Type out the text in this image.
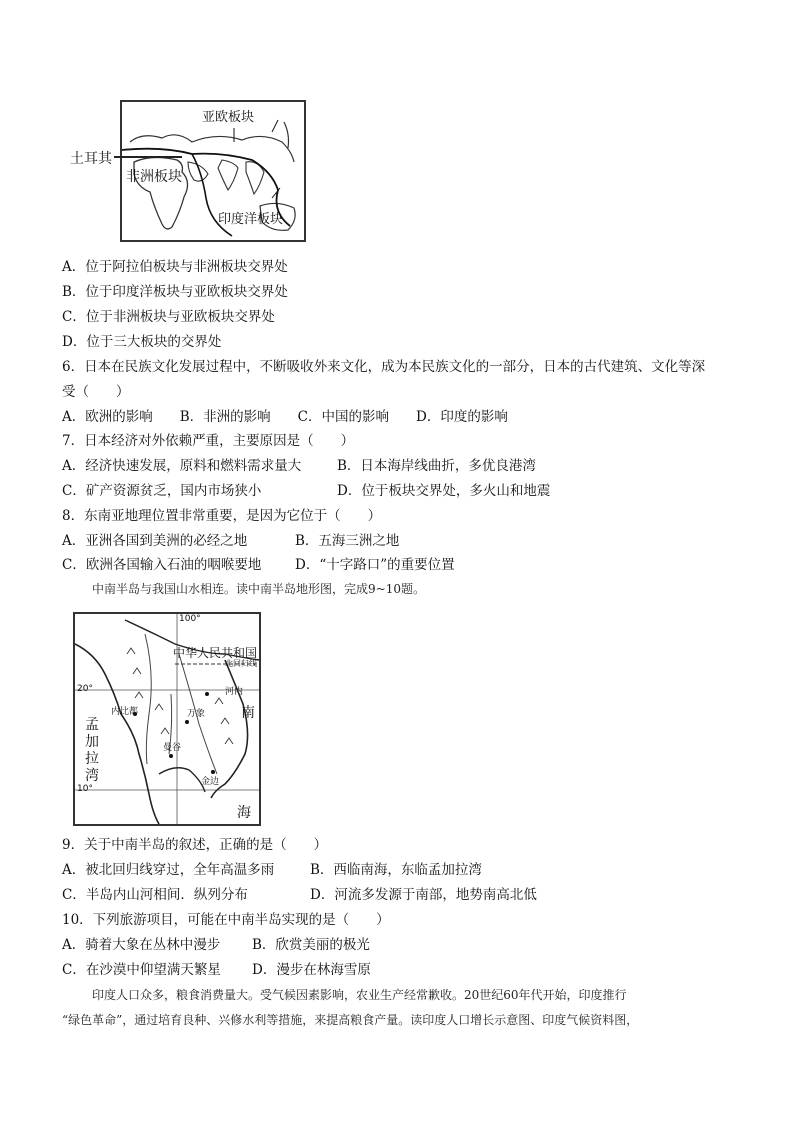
亚欧板块
非洲板块
印度洋板块
土耳其
A．位于阿拉伯板块与非洲板块交界处
B．位于印度洋板块与亚欧板块交界处
C．位于非洲板块与亚欧板块交界处
D．位于三大板块的交界处
6．日本在民族文化发展过程中，不断吸收外来文化，成为本民族文化的一部分，日本的古代建筑、文化等深
受（　　）
A．欧洲的影响　　B．非洲的影响　　C．中国的影响　　D．印度的影响
7．日本经济对外依赖严重，主要原因是（　　）
A．经济快速发展，原料和燃料需求量大	B．日本海岸线曲折，多优良港湾
C．矿产资源贫乏，国内市场狭小	D．位于板块交界处，多火山和地震
8．东南亚地理位置非常重要，是因为它位于（　　）
A．亚洲各国到美洲的必经之地	B．五海三洲之地
C．欧洲各国输入石油的咽喉要地 D．“十字路口”的重要位置
中南半岛与我国山水相连。读中南半岛地形图，完成9~10题。
100°
中华人民共和国
北回归线
20°	河内
内比都	万象	南
孟
加
拉
湾
曼谷
金边
10°
海
9．关于中南半岛的叙述，正确的是（　　）
A．被北回归线穿过，全年高温多雨	B．西临南海，东临孟加拉湾
C．半岛内山河相间．纵列分布	D．河流多发源于南部，地势南高北低
10．下列旅游项目，可能在中南半岛实现的是（　　）
A．骑着大象在丛林中漫步 B．欣赏美丽的极光
C．在沙漠中仰望满天繁星 D．漫步在林海雪原
印度人口众多，粮食消费量大。受气候因素影响，农业生产经常歉收。20世纪60年代开始，印度推行
“绿色革命”，通过培育良种、兴修水利等措施，来提高粮食产量。读印度人口增长示意图、印度气候资料图，
